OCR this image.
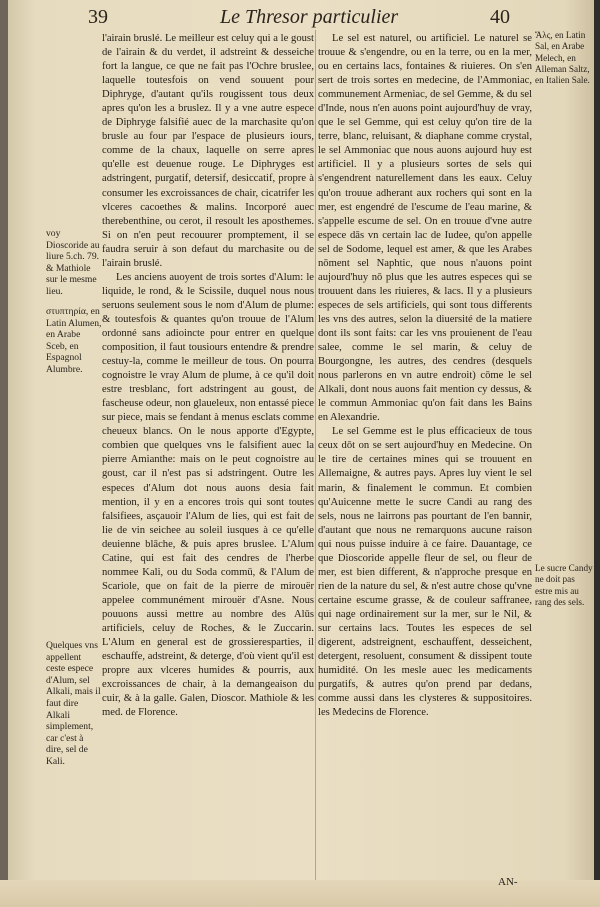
39	Le Thresor particulier	40

l'airain bruslé. Le meilleur est celuy qui a le goust de l'airain & du verdet, il adstreint & desseiche fort la langue, ce que ne fait pas l'Ochre bruslee, laquelle toutesfois on vend souuent pour Diphryge, d'autant qu'ils rougissent tous deux apres qu'on les a bruslez. Il y a vne autre espece de Diphryge falsifié auec de la marchasite qu'on brusle au four par l'espace de plusieurs iours, comme de la chaux, laquelle on serre apres qu'elle est deuenue rouge. Le Diphryges est adstringent, purgatif, detersif, desiccatif, propre à consumer les excroissances de chair, cicatrifer les vlceres cacoethes & malins. Incorporé auec therebenthine, ou cerot, il resoult les aposthemes. Si on n'en peut recouurer promptement, il se faudra seruir à son defaut du marchasite ou de l'airain bruslé.

Les anciens auoyent de trois sortes d'Alum: le liquide, le rond, & le Scissile, duquel nous nous seruons seulement sous le nom d'Alum de plume: & toutesfois & quantes qu'on trouue de l'Alum ordonné sans adioincte pour entrer en quelque composition, il faut tousiours entendre & prendre cestuy-la, comme le meilleur de tous. On pourra cognoistre le vray Alum de plume, à ce qu'il doit estre tresblanc, fort adstringent au goust, de fascheuse odeur, non glaueleux, non entassé piece sur piece, mais se fendant à menus esclats comme cheueux blancs. On le nous apporte d'Egypte, combien que quelques vns le falsifient auec la pierre Amianthe: mais on le peut cognoistre au goust, car il n'est pas si adstringent. Outre les especes d'Alum dot nous auons desia fait mention, il y en a encores trois qui sont toutes falsifiees, asçauoir l'Alum de lies, qui est fait de lie de vin seichee au soleil iusques à ce qu'elle deuienne blāche, & puis apres bruslee. L'Alum Catine, qui est fait des cendres de l'herbe nommee Kali, ou du Soda commū, & l'Alum de Scariole, que on fait de la pierre de mirouër appelee communément mirouër d'Asne. Nous pouuons aussi mettre au nombre des Alūs artificiels, celuy de Roches, & le Zuccarin. L'Alum en general est de grossieresparties, il eschauffe, adstreint, & deterge, d'où vient qu'il est propre aux vlceres humides & pourris, aux excroissances de chair, à la demangeaison du cuir, & à la galle. Galen, Dioscor. Mathiole & les med. de Florence.

Le sel est naturel, ou artificiel. Le naturel se trouue & s'engendre, ou en la terre, ou en la mer, ou en certains lacs, fontaines & riuieres. On s'en sert de trois sortes en medecine, de l'Ammoniac, communement Armeniac, de sel Gemme, & du sel d'Inde, nous n'en auons point aujourd'huy de vray, que le sel Gemme, qui est celuy qu'on tire de la terre, blanc, reluisant, & diaphane comme crystal, le sel Ammoniac que nous auons aujourd huy est artificiel. Il y a plusieurs sortes de sels qui s'engendrent naturellement dans les eaux. Celuy qu'on trouue adherant aux rochers qui sont en la mer, est engendré de l'escume de l'eau marine, & s'appelle escume de sel. On en trouue d'vne autre espece dās vn certain lac de Iudee, qu'on appelle sel de Sodome, lequel est amer, & que les Arabes nōment sel Naphtic, que nous n'auons point aujourd'huy nō plus que les autres especes qui se trouuent dans les riuieres, & lacs. Il y a plusieurs especes de sels artificiels, qui sont tous differents les vns des autres, selon la diuersité de la matiere dont ils sont faits: car les vns prouienent de l'eau salee, comme le sel marin, & celuy de Bourgongne, les autres, des cendres (desquels nous parlerons en vn autre endroit) cōme le sel Alkali, dont nous auons fait mention cy dessus, & le commun Ammoniac qu'on fait dans les Bains en Alexandrie.

Le sel Gemme est le plus efficacieux de tous ceux dōt on se sert aujourd'huy en Medecine. On le tire de certaines mines qui se trouuent en Allemaigne, & autres pays. Apres luy vient le sel marin, & finalement le commun. Et combien qu'Auicenne mette le sucre Candi au rang des sels, nous ne lairrons pas pourtant de l'en bannir, d'autant que nous ne remarquons aucune raison qui nous puisse induire à ce faire. Dauantage, ce que Dioscoride appelle fleur de sel, ou fleur de mer, est bien different, & n'approche presque en rien de la nature du sel, & n'est autre chose qu'vne certaine escume grasse, & de couleur saffranee, qui nage ordinairement sur la mer, sur le Nil, & sur certains lacs. Toutes les especes de sel digerent, adstreignent, eschauffent, desseichent, detergent, resoluent, consument & dissipent toute humidité. On les mesle auec les medicaments purgatifs, & autres qu'on prend par dedans, comme aussi dans les clysteres & suppositoires. les Medecins de Florence.

voy Dioscoride au liure 5.ch. 79. & Mathiole sur le mesme lieu.

στυπτηρία, en Latin Alumen, en Arabe Sceb, en Espagnol Alumbre.

Quelques vns appellent ceste espece d'Alum, sel Alkali, mais il faut dire Alkali simplement, car c'est à dire, sel de Kali.

Ἅλς, en Latin Sal, en Arabe Melech, en Alleman Saltz, en Italien Sale.

Le sucre Candy ne doit pas estre mis au rang des sels.

AN-
